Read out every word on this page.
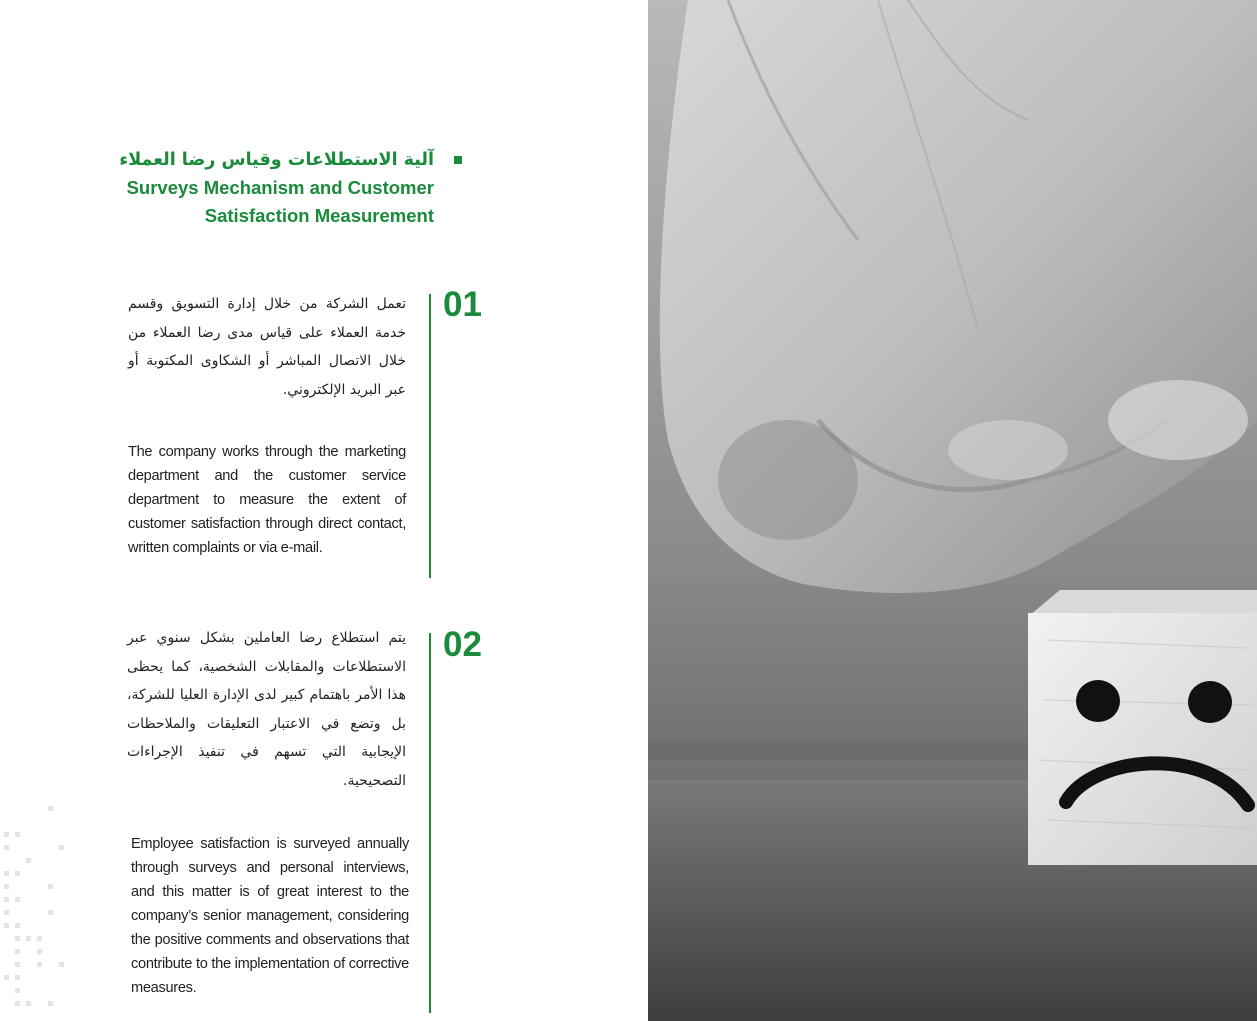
آلية الاستطلاعات وقياس رضا العملاء
Surveys Mechanism and Customer
Satisfaction Measurement
01
تعمل الشركة من خلال إدارة التسويق وقسم خدمة العملاء على قياس مدى رضا العملاء من خلال الاتصال المباشر أو الشكاوى المكتوبة أو عبر البريد الإلكتروني.
The company works through the marketing department and the customer service department to measure the extent of customer satisfaction through direct contact, written complaints or via e-mail.
02
يتم استطلاع رضا العاملين بشكل سنوي عبر الاستطلاعات والمقابلات الشخصية، كما يحظى هذا الأمر باهتمام كبير لدى الإدارة العليا للشركة، بل وتضع في الاعتبار التعليقات والملاحظات الإيجابية التي تسهم في تنفيذ الإجراءات التصحيحية.
Employee satisfaction is surveyed annually through surveys and personal interviews, and this matter is of great interest to the company’s senior management, considering the positive comments and observations that contribute to the implementation of corrective measures.
